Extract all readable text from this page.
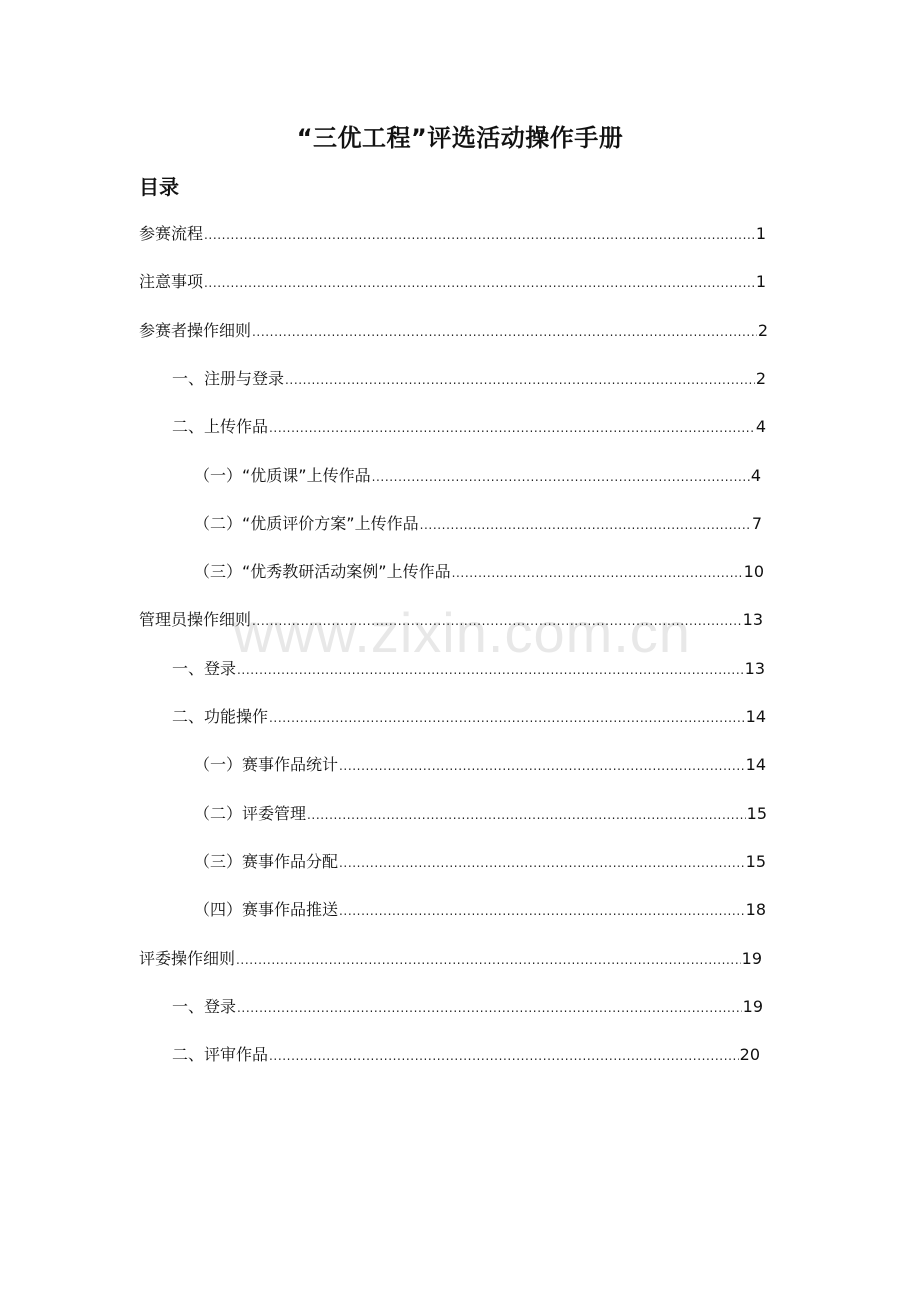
www.zixin.com.cn
“三优工程”评选活动操作手册
目录
参赛流程 .....	1
注意事项 .....	1
参赛者操作细则 .....	2
一、注册与登录 .....	2
二、上传作品 .....	4
（一）“优质课”上传作品 .....	4
（二）“优质评价方案”上传作品 .....	7
（三）“优秀教研活动案例”上传作品 .....	10
管理员操作细则 .....	13
一、登录 .....	13
二、功能操作 .....	14
（一）赛事作品统计 .....	14
（二）评委管理 .....	15
（三）赛事作品分配 .....	15
（四）赛事作品推送 .....	18
评委操作细则 .....	19
一、登录 .....	19
二、评审作品 .....	20
